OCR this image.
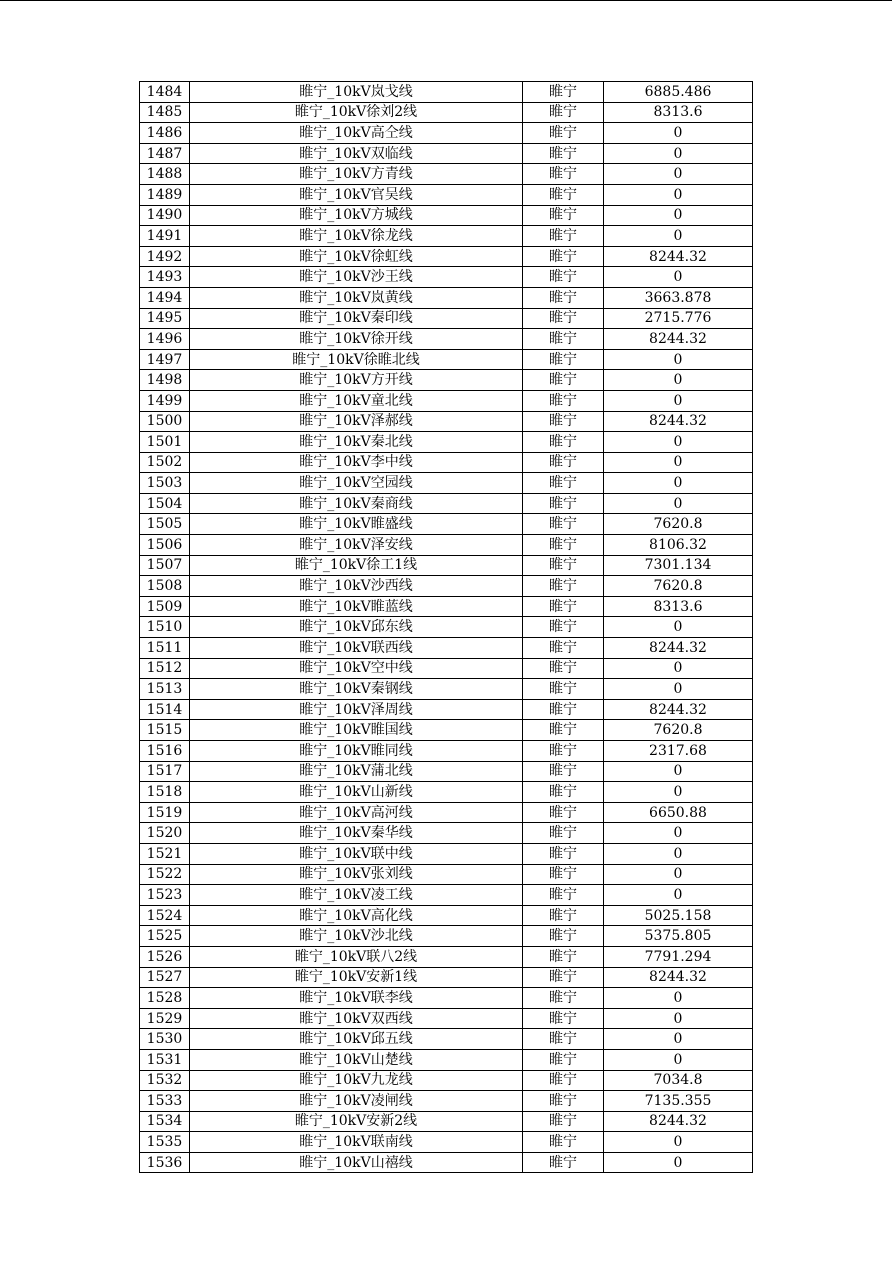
1484	睢宁_10kV岚戈线	睢宁	6885.486
1485	睢宁_10kV徐刘2线	睢宁	8313.6
1486	睢宁_10kV高仝线	睢宁	0
1487	睢宁_10kV双临线	睢宁	0
1488	睢宁_10kV方青线	睢宁	0
1489	睢宁_10kV官吴线	睢宁	0
1490	睢宁_10kV方城线	睢宁	0
1491	睢宁_10kV徐龙线	睢宁	0
1492	睢宁_10kV徐虹线	睢宁	8244.32
1493	睢宁_10kV沙王线	睢宁	0
1494	睢宁_10kV岚黄线	睢宁	3663.878
1495	睢宁_10kV秦印线	睢宁	2715.776
1496	睢宁_10kV徐开线	睢宁	8244.32
1497	睢宁_10kV徐睢北线	睢宁	0
1498	睢宁_10kV方开线	睢宁	0
1499	睢宁_10kV童北线	睢宁	0
1500	睢宁_10kV泽郝线	睢宁	8244.32
1501	睢宁_10kV秦北线	睢宁	0
1502	睢宁_10kV李中线	睢宁	0
1503	睢宁_10kV空园线	睢宁	0
1504	睢宁_10kV秦商线	睢宁	0
1505	睢宁_10kV睢盛线	睢宁	7620.8
1506	睢宁_10kV泽安线	睢宁	8106.32
1507	睢宁_10kV徐工1线	睢宁	7301.134
1508	睢宁_10kV沙西线	睢宁	7620.8
1509	睢宁_10kV睢蓝线	睢宁	8313.6
1510	睢宁_10kV邱东线	睢宁	0
1511	睢宁_10kV联西线	睢宁	8244.32
1512	睢宁_10kV空中线	睢宁	0
1513	睢宁_10kV秦钢线	睢宁	0
1514	睢宁_10kV泽周线	睢宁	8244.32
1515	睢宁_10kV睢国线	睢宁	7620.8
1516	睢宁_10kV睢同线	睢宁	2317.68
1517	睢宁_10kV蒲北线	睢宁	0
1518	睢宁_10kV山新线	睢宁	0
1519	睢宁_10kV高河线	睢宁	6650.88
1520	睢宁_10kV秦华线	睢宁	0
1521	睢宁_10kV联中线	睢宁	0
1522	睢宁_10kV张刘线	睢宁	0
1523	睢宁_10kV凌工线	睢宁	0
1524	睢宁_10kV高化线	睢宁	5025.158
1525	睢宁_10kV沙北线	睢宁	5375.805
1526	睢宁_10kV联八2线	睢宁	7791.294
1527	睢宁_10kV安新1线	睢宁	8244.32
1528	睢宁_10kV联李线	睢宁	0
1529	睢宁_10kV双西线	睢宁	0
1530	睢宁_10kV邱五线	睢宁	0
1531	睢宁_10kV山楚线	睢宁	0
1532	睢宁_10kV九龙线	睢宁	7034.8
1533	睢宁_10kV凌闸线	睢宁	7135.355
1534	睢宁_10kV安新2线	睢宁	8244.32
1535	睢宁_10kV联南线	睢宁	0
1536	睢宁_10kV山禧线	睢宁	0
